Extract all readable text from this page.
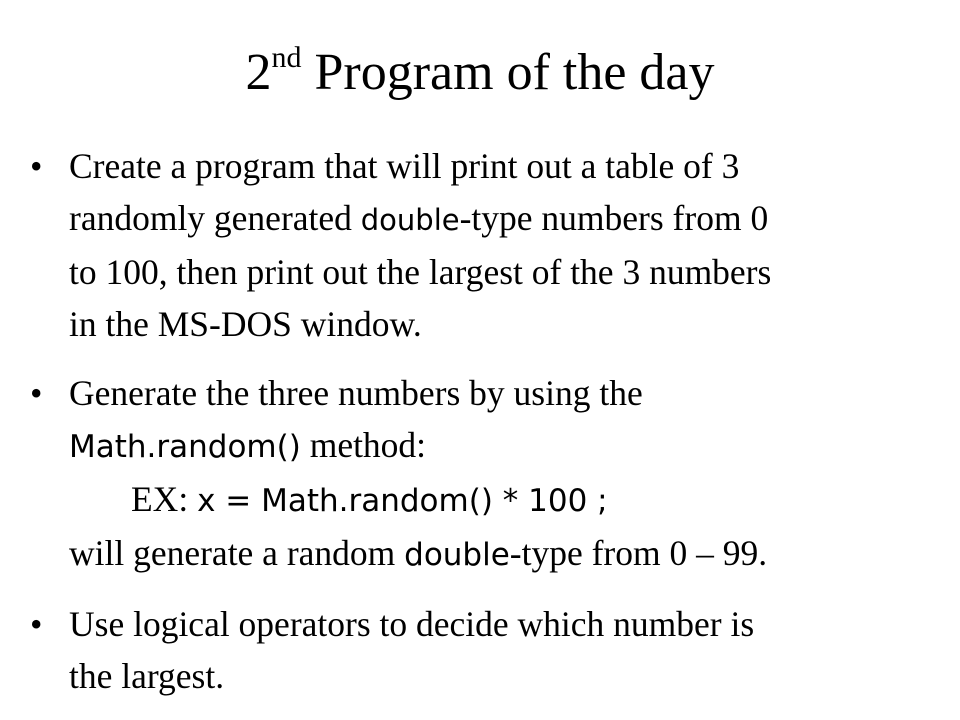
2nd Program of the day
• Create a program that will print out a table of 3
randomly generated double-type numbers from 0
to 100, then print out the largest of the 3 numbers
in the MS-DOS window.
• Generate the three numbers by using the
Math.random() method:
EX: x = Math.random() * 100 ;
will generate a random double-type from 0 – 99.
• Use logical operators to decide which number is
the largest.
